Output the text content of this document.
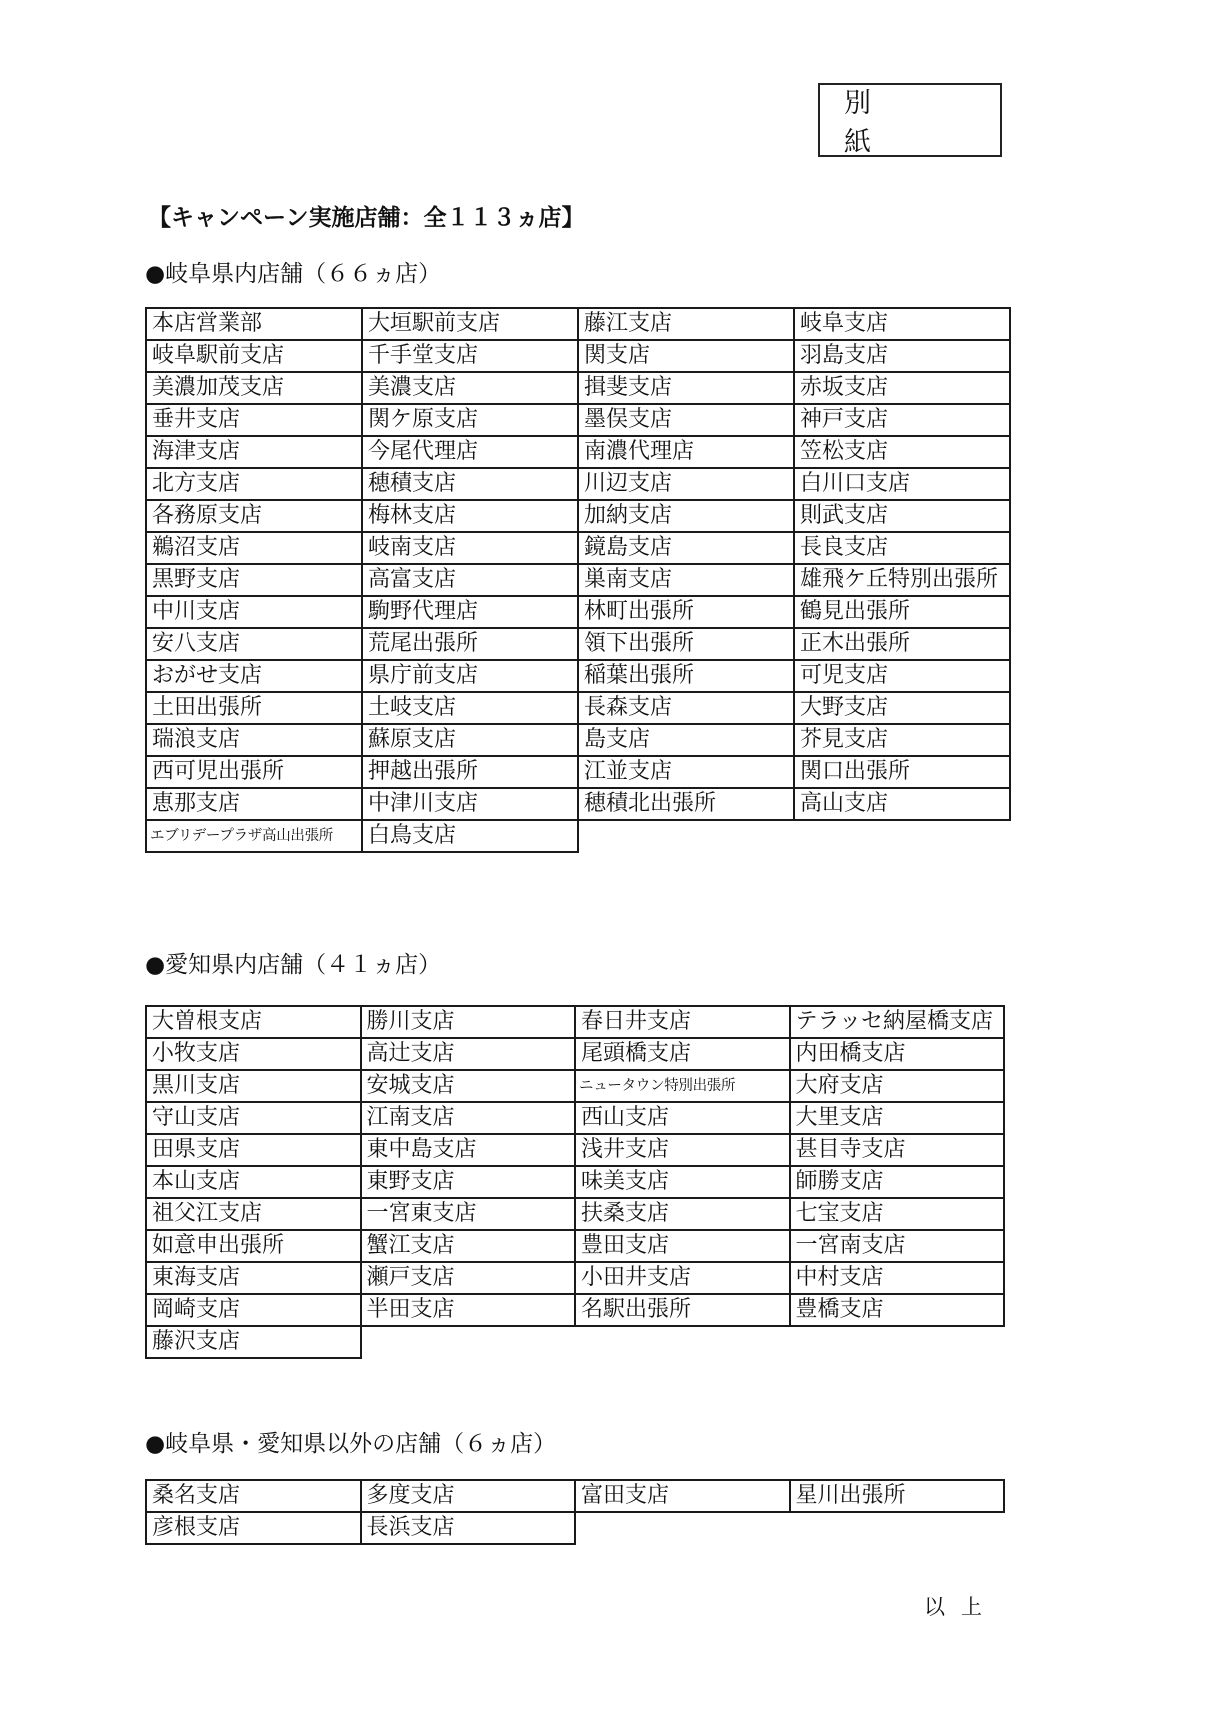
別　紙
【キャンペーン実施店舗：全１１３ヵ店】
●岐阜県内店舗（６６ヵ店）
本店営業部	大垣駅前支店	藤江支店	岐阜支店
岐阜駅前支店	千手堂支店	関支店	羽島支店
美濃加茂支店	美濃支店	揖斐支店	赤坂支店
垂井支店	関ケ原支店	墨俣支店	神戸支店
海津支店	今尾代理店	南濃代理店	笠松支店
北方支店	穂積支店	川辺支店	白川口支店
各務原支店	梅林支店	加納支店	則武支店
鵜沼支店	岐南支店	鏡島支店	長良支店
黒野支店	高富支店	巣南支店	雄飛ケ丘特別出張所
中川支店	駒野代理店	林町出張所	鶴見出張所
安八支店	荒尾出張所	領下出張所	正木出張所
おがせ支店	県庁前支店	稲葉出張所	可児支店
土田出張所	土岐支店	長森支店	大野支店
瑞浪支店	蘇原支店	島支店	芥見支店
西可児出張所	押越出張所	江並支店	関口出張所
恵那支店	中津川支店	穂積北出張所	高山支店
エブリデープラザ高山出張所	白鳥支店		
●愛知県内店舗（４１ヵ店）
大曽根支店	勝川支店	春日井支店	テラッセ納屋橋支店
小牧支店	高辻支店	尾頭橋支店	内田橋支店
黒川支店	安城支店	ニュータウン特別出張所	大府支店
守山支店	江南支店	西山支店	大里支店
田県支店	東中島支店	浅井支店	甚目寺支店
本山支店	東野支店	味美支店	師勝支店
祖父江支店	一宮東支店	扶桑支店	七宝支店
如意申出張所	蟹江支店	豊田支店	一宮南支店
東海支店	瀬戸支店	小田井支店	中村支店
岡崎支店	半田支店	名駅出張所	豊橋支店
藤沢支店			
●岐阜県・愛知県以外の店舗（６ヵ店）
桑名支店	多度支店	富田支店	星川出張所
彦根支店	長浜支店		
以上
